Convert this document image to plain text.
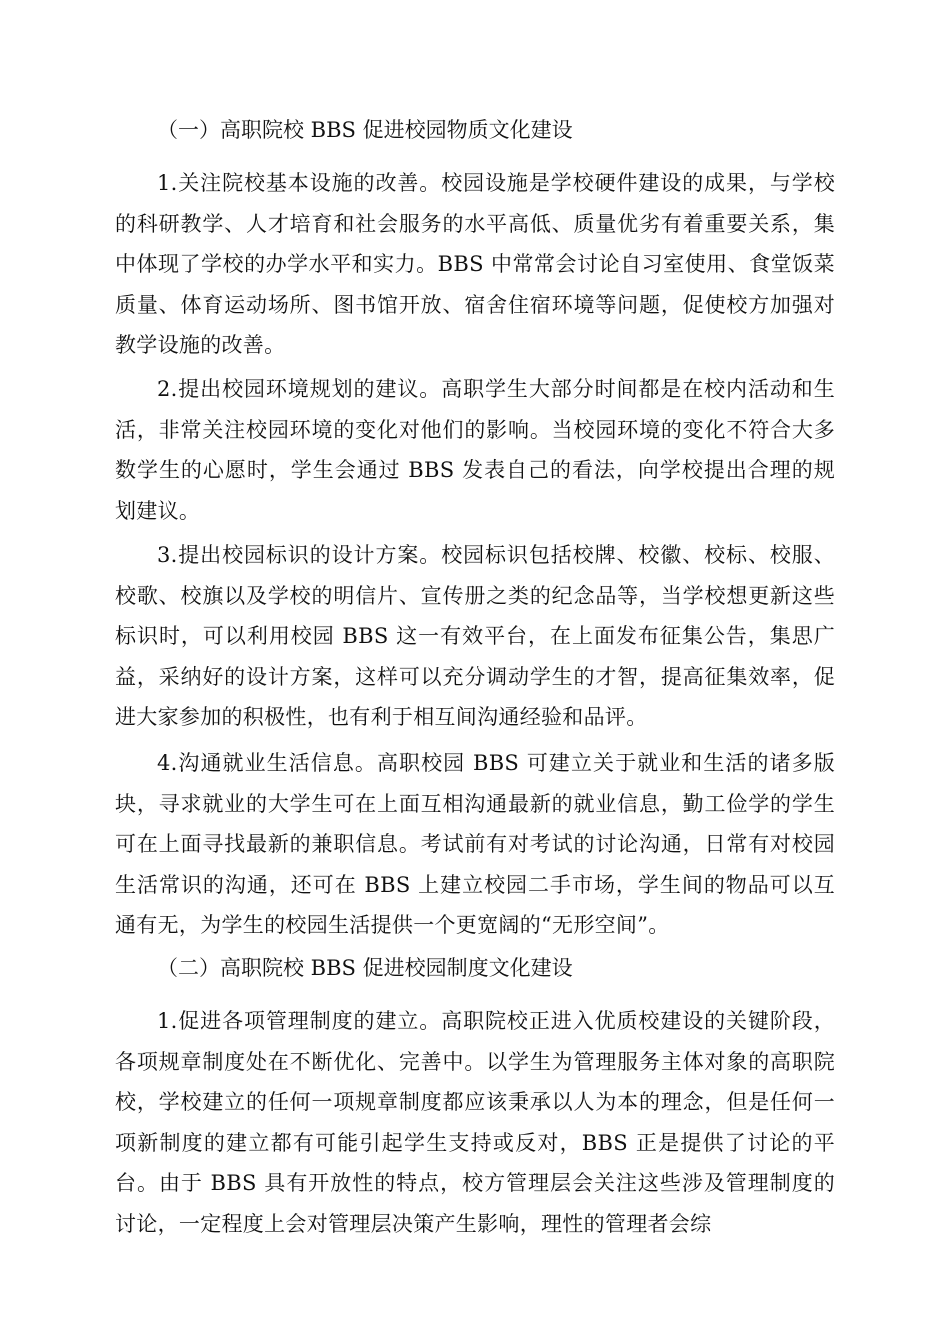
（一）高职院校 BBS 促进校园物质文化建设

1.关注院校基本设施的改善。校园设施是学校硬件建设的成果，与学校的科研教学、人才培育和社会服务的水平高低、质量优劣有着重要关系，集中体现了学校的办学水平和实力。BBS 中常常会讨论自习室使用、食堂饭菜质量、体育运动场所、图书馆开放、宿舍住宿环境等问题，促使校方加强对教学设施的改善。

2.提出校园环境规划的建议。高职学生大部分时间都是在校内活动和生活，非常关注校园环境的变化对他们的影响。当校园环境的变化不符合大多数学生的心愿时，学生会通过 BBS 发表自己的看法，向学校提出合理的规划建议。

3.提出校园标识的设计方案。校园标识包括校牌、校徽、校标、校服、校歌、校旗以及学校的明信片、宣传册之类的纪念品等，当学校想更新这些标识时，可以利用校园 BBS 这一有效平台，在上面发布征集公告，集思广益，采纳好的设计方案，这样可以充分调动学生的才智，提高征集效率，促进大家参加的积极性，也有利于相互间沟通经验和品评。

4.沟通就业生活信息。高职校园 BBS 可建立关于就业和生活的诸多版块，寻求就业的大学生可在上面互相沟通最新的就业信息，勤工俭学的学生可在上面寻找最新的兼职信息。考试前有对考试的讨论沟通，日常有对校园生活常识的沟通，还可在 BBS 上建立校园二手市场，学生间的物品可以互通有无，为学生的校园生活提供一个更宽阔的“无形空间”。

（二）高职院校 BBS 促进校园制度文化建设

1.促进各项管理制度的建立。高职院校正进入优质校建设的关键阶段，各项规章制度处在不断优化、完善中。以学生为管理服务主体对象的高职院校，学校建立的任何一项规章制度都应该秉承以人为本的理念，但是任何一项新制度的建立都有可能引起学生支持或反对，BBS 正是提供了讨论的平台。由于 BBS 具有开放性的特点，校方管理层会关注这些涉及管理制度的讨论，一定程度上会对管理层决策产生影响，理性的管理者会综
